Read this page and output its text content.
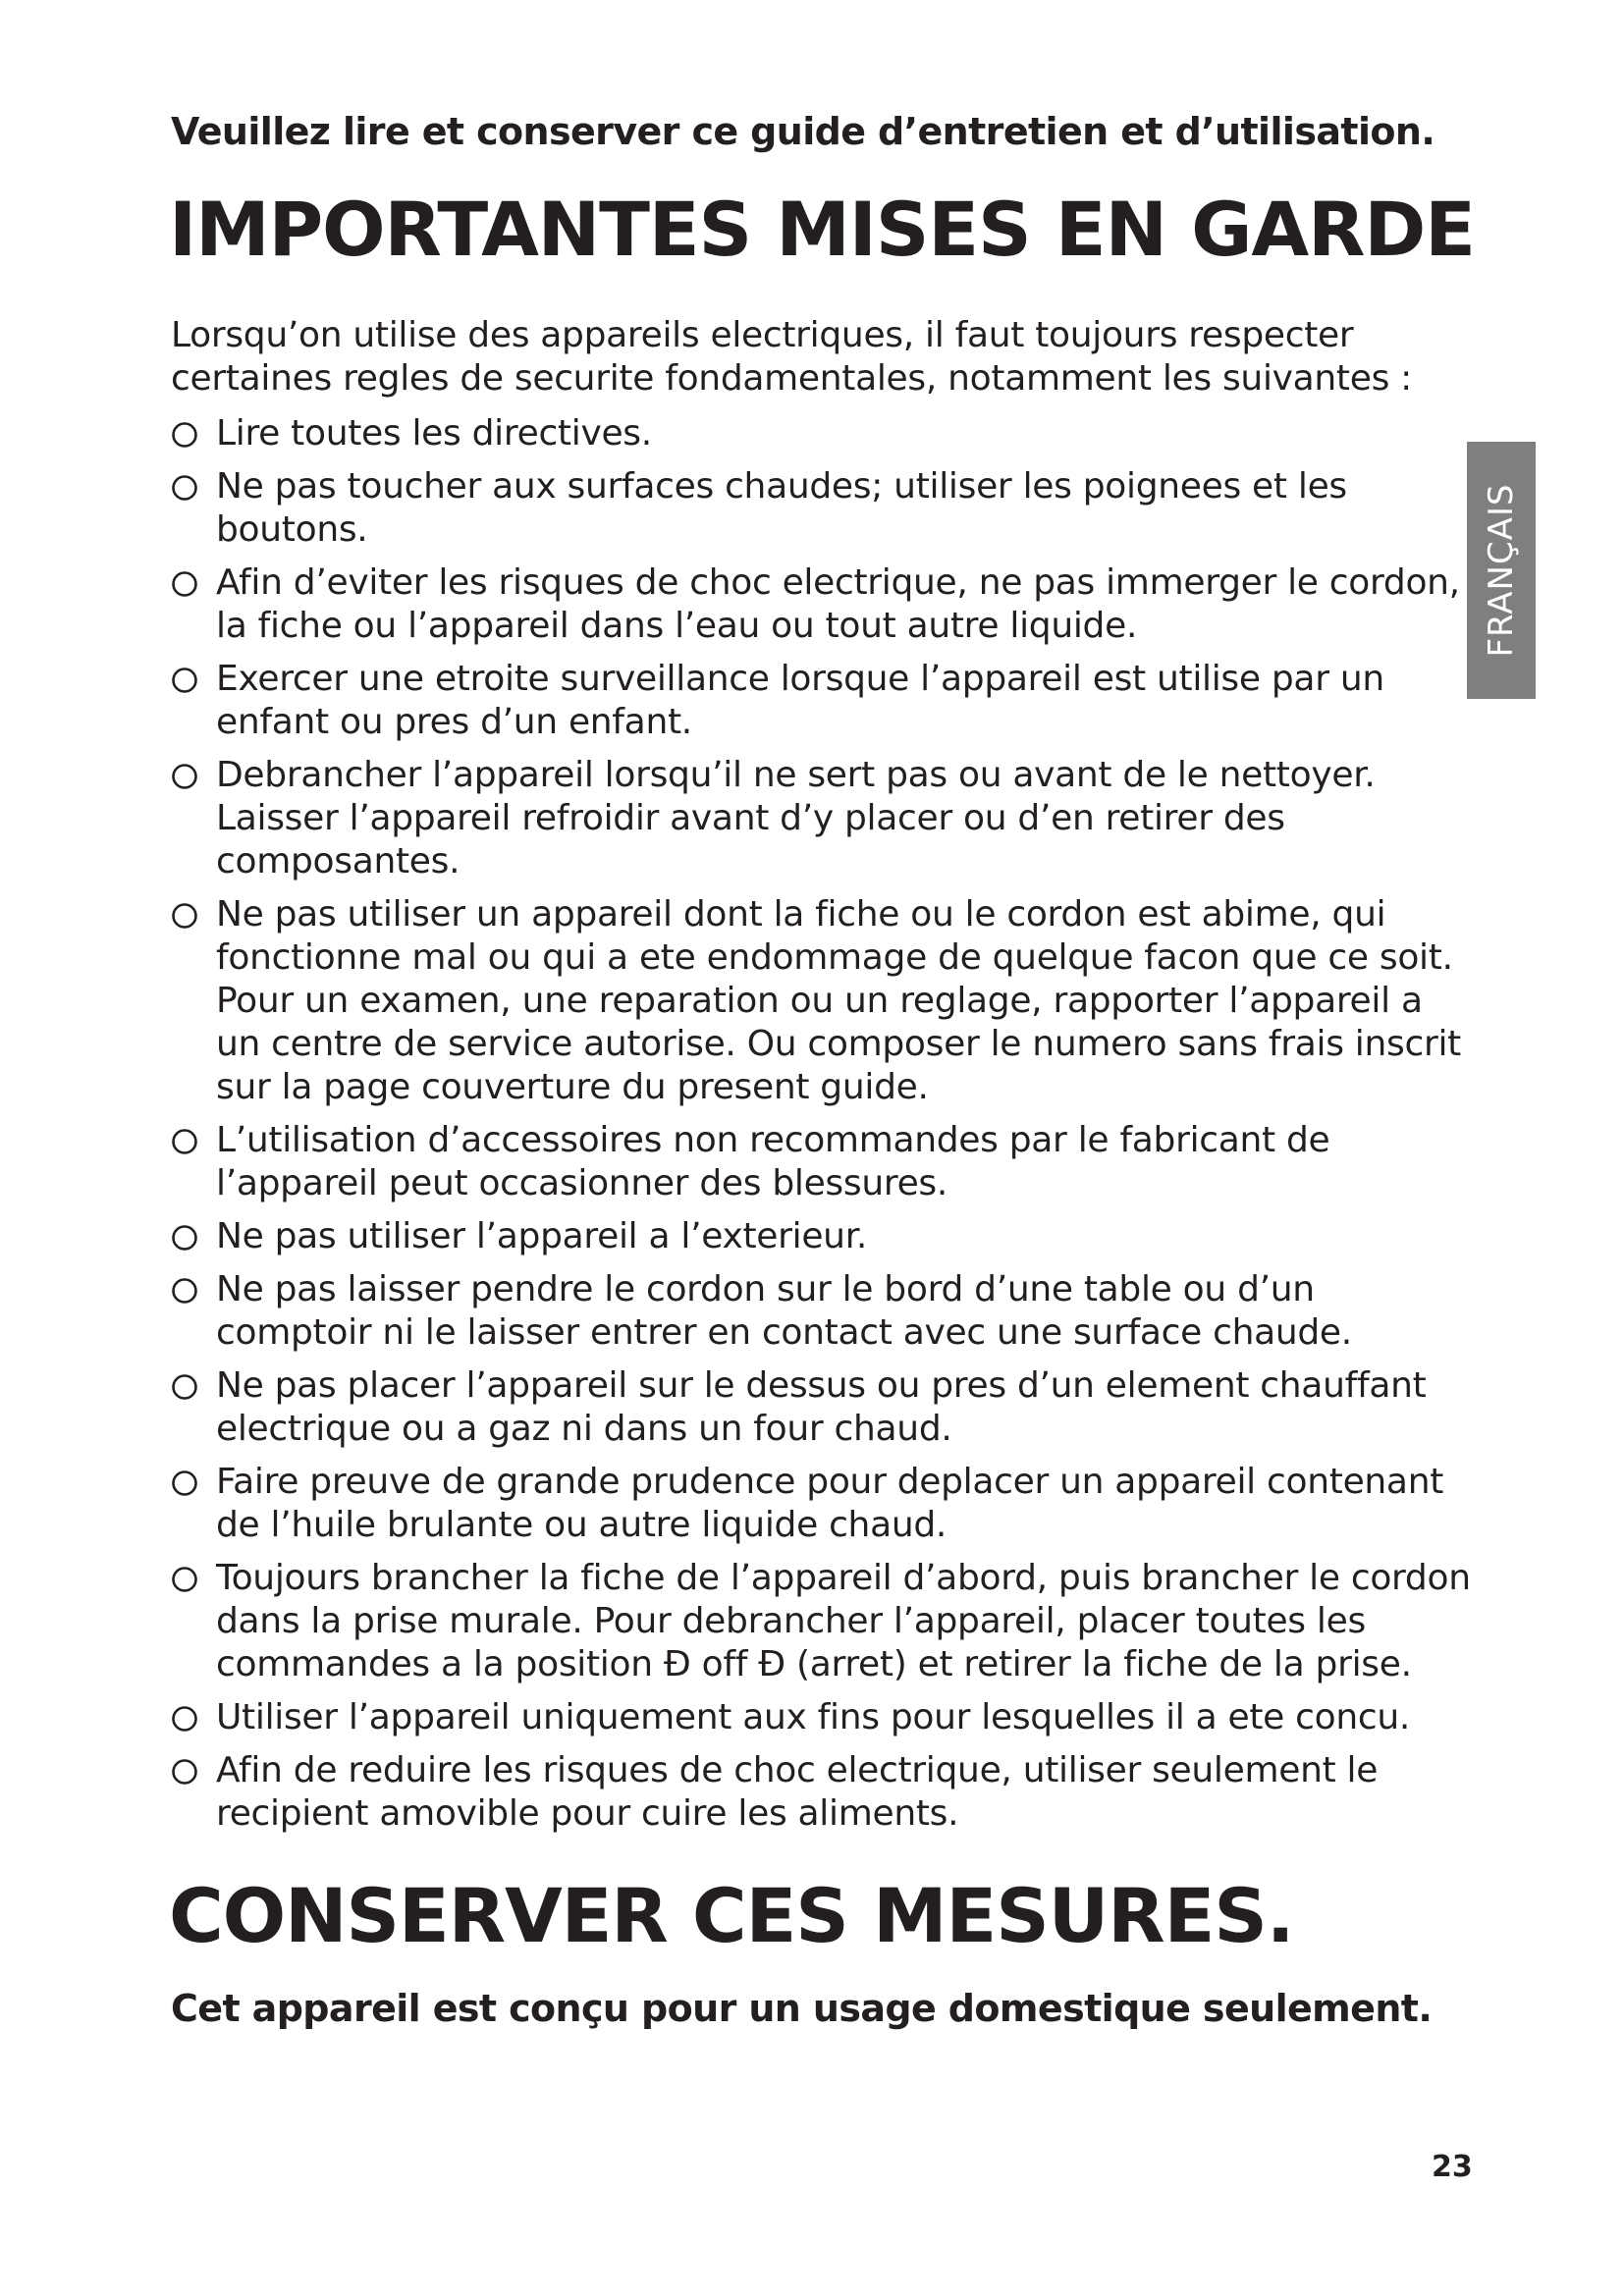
Veuillez lire et conserver ce guide d’entretien et d’utilisation.

IMPORTANTES MISES EN GARDE

Lorsqu’on utilise des appareils electriques, il faut toujours respecter
certaines regles de securite fondamentales, notamment les suivantes :

Lire toutes les directives.
Ne pas toucher aux surfaces chaudes; utiliser les poignees et les
boutons.
Afin d’eviter les risques de choc electrique, ne pas immerger le cordon,
la fiche ou l’appareil dans l’eau ou tout autre liquide.
Exercer une etroite surveillance lorsque l’appareil est utilise par un
enfant ou pres d’un enfant.
Debrancher l’appareil lorsqu’il ne sert pas ou avant de le nettoyer.
Laisser l’appareil refroidir avant d’y placer ou d’en retirer des
composantes.
Ne pas utiliser un appareil dont la fiche ou le cordon est abime, qui
fonctionne mal ou qui a ete endommage de quelque facon que ce soit.
Pour un examen, une reparation ou un reglage, rapporter l’appareil a
un centre de service autorise. Ou composer le numero sans frais inscrit
sur la page couverture du present guide.
L’utilisation d’accessoires non recommandes par le fabricant de
l’appareil peut occasionner des blessures.
Ne pas utiliser l’appareil a l’exterieur.
Ne pas laisser pendre le cordon sur le bord d’une table ou d’un
comptoir ni le laisser entrer en contact avec une surface chaude.
Ne pas placer l’appareil sur le dessus ou pres d’un element chauffant
electrique ou a gaz ni dans un four chaud.
Faire preuve de grande prudence pour deplacer un appareil contenant
de l’huile brulante ou autre liquide chaud.
Toujours brancher la fiche de l’appareil d’abord, puis brancher le cordon
dans la prise murale. Pour debrancher l’appareil, placer toutes les
commandes a la position Ð off Ð (arret) et retirer la fiche de la prise.
Utiliser l’appareil uniquement aux fins pour lesquelles il a ete concu.
Afin de reduire les risques de choc electrique, utiliser seulement le
recipient amovible pour cuire les aliments.
CONSERVER CES MESURES.

Cet appareil est conçu pour un usage domestique seulement.

23

FRANÇAIS
